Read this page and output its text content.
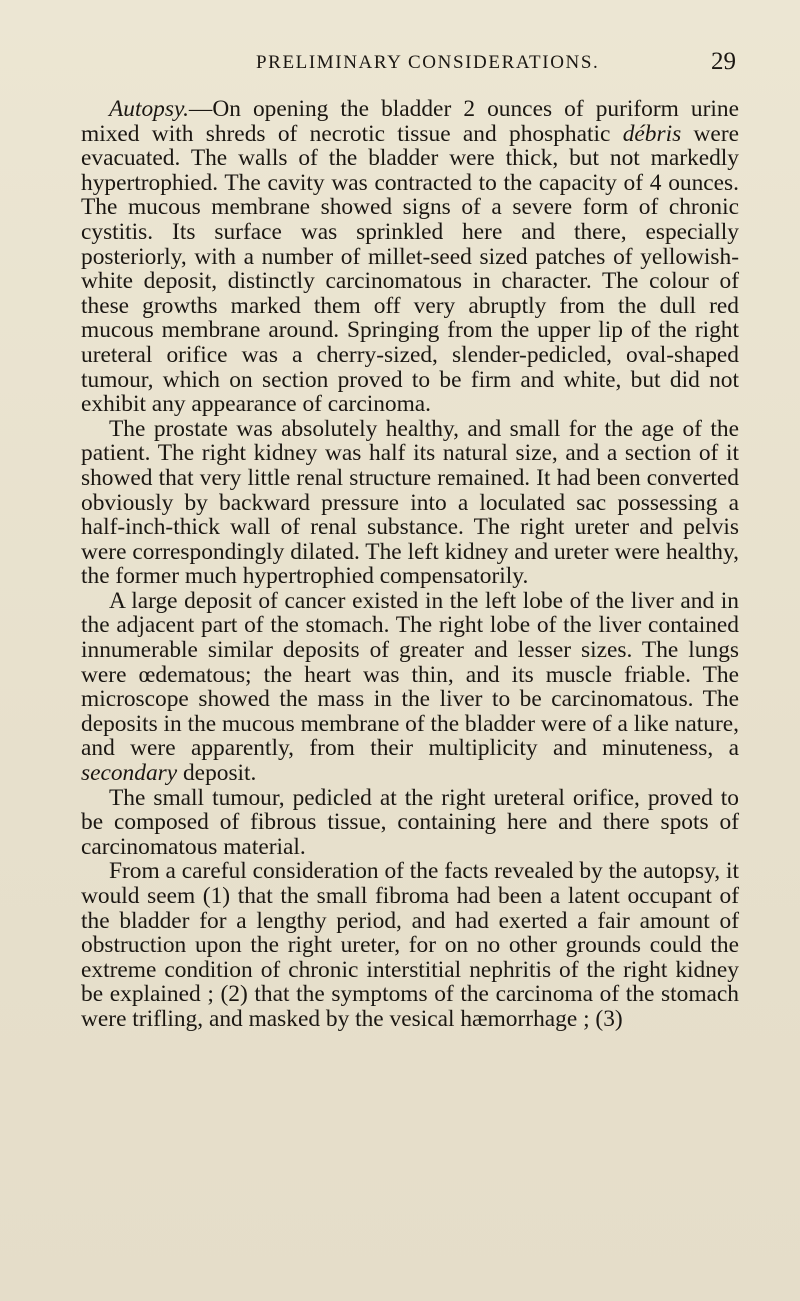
PRELIMINARY CONSIDERATIONS.	29

Autopsy.—On opening the bladder 2 ounces of puriform urine mixed with shreds of necrotic tissue and phosphatic débris were evacuated. The walls of the bladder were thick, but not markedly hypertrophied. The cavity was contracted to the capacity of 4 ounces. The mucous membrane showed signs of a severe form of chronic cystitis. Its surface was sprinkled here and there, especially posteriorly, with a number of millet-seed sized patches of yellowish-white deposit, distinctly carcinomatous in character. The colour of these growths marked them off very abruptly from the dull red mucous membrane around. Springing from the upper lip of the right ureteral orifice was a cherry-sized, slender-pedicled, oval-shaped tumour, which on section proved to be firm and white, but did not exhibit any appearance of carcinoma.

The prostate was absolutely healthy, and small for the age of the patient. The right kidney was half its natural size, and a section of it showed that very little renal structure remained. It had been converted obviously by backward pressure into a loculated sac possessing a half-inch-thick wall of renal substance. The right ureter and pelvis were correspondingly dilated. The left kidney and ureter were healthy, the former much hypertrophied compensatorily.

A large deposit of cancer existed in the left lobe of the liver and in the adjacent part of the stomach. The right lobe of the liver contained innumerable similar deposits of greater and lesser sizes. The lungs were œdematous; the heart was thin, and its muscle friable. The microscope showed the mass in the liver to be carcinomatous. The deposits in the mucous membrane of the bladder were of a like nature, and were apparently, from their multiplicity and minuteness, a secondary deposit.

The small tumour, pedicled at the right ureteral orifice, proved to be composed of fibrous tissue, containing here and there spots of carcinomatous material.

From a careful consideration of the facts revealed by the autopsy, it would seem (1) that the small fibroma had been a latent occupant of the bladder for a lengthy period, and had exerted a fair amount of obstruction upon the right ureter, for on no other grounds could the extreme condition of chronic interstitial nephritis of the right kidney be explained ; (2) that the symptoms of the carcinoma of the stomach were trifling, and masked by the vesical hæmorrhage ; (3)
